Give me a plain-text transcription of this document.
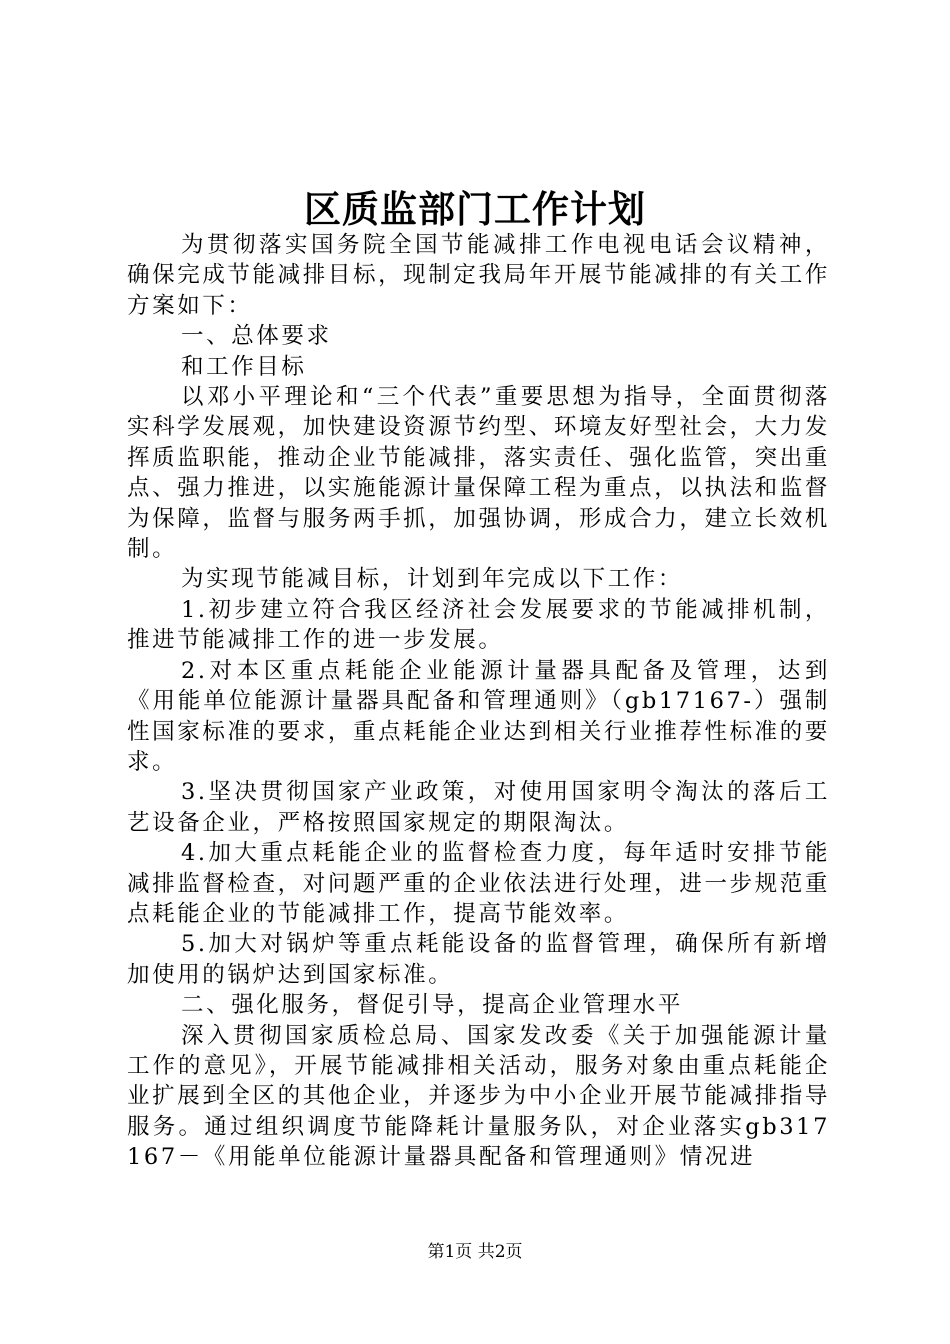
区质监部门工作计划

为贯彻落实国务院全国节能减排工作电视电话会议精神，确保完成节能减排目标，现制定我局年开展节能减排的有关工作方案如下：

一、总体要求

和工作目标

以邓小平理论和“三个代表”重要思想为指导，全面贯彻落实科学发展观，加快建设资源节约型、环境友好型社会，大力发挥质监职能，推动企业节能减排，落实责任、强化监管，突出重点、强力推进，以实施能源计量保障工程为重点，以执法和监督为保障，监督与服务两手抓，加强协调，形成合力，建立长效机制。

为实现节能减目标，计划到年完成以下工作：

1.初步建立符合我区经济社会发展要求的节能减排机制，推进节能减排工作的进一步发展。

2.对本区重点耗能企业能源计量器具配备及管理，达到《用能单位能源计量器具配备和管理通则》（gb17167-）强制性国家标准的要求，重点耗能企业达到相关行业推荐性标准的要求。

3.坚决贯彻国家产业政策，对使用国家明令淘汰的落后工艺设备企业，严格按照国家规定的期限淘汰。

4.加大重点耗能企业的监督检查力度，每年适时安排节能减排监督检查，对问题严重的企业依法进行处理，进一步规范重点耗能企业的节能减排工作，提高节能效率。

5.加大对锅炉等重点耗能设备的监督管理，确保所有新增加使用的锅炉达到国家标准。

二、强化服务，督促引导，提高企业管理水平

深入贯彻国家质检总局、国家发改委《关于加强能源计量工作的意见》，开展节能减排相关活动，服务对象由重点耗能企业扩展到全区的其他企业，并逐步为中小企业开展节能减排指导服务。通过组织调度节能降耗计量服务队，对企业落实gb317167－《用能单位能源计量器具配备和管理通则》情况进

第1页 共2页
